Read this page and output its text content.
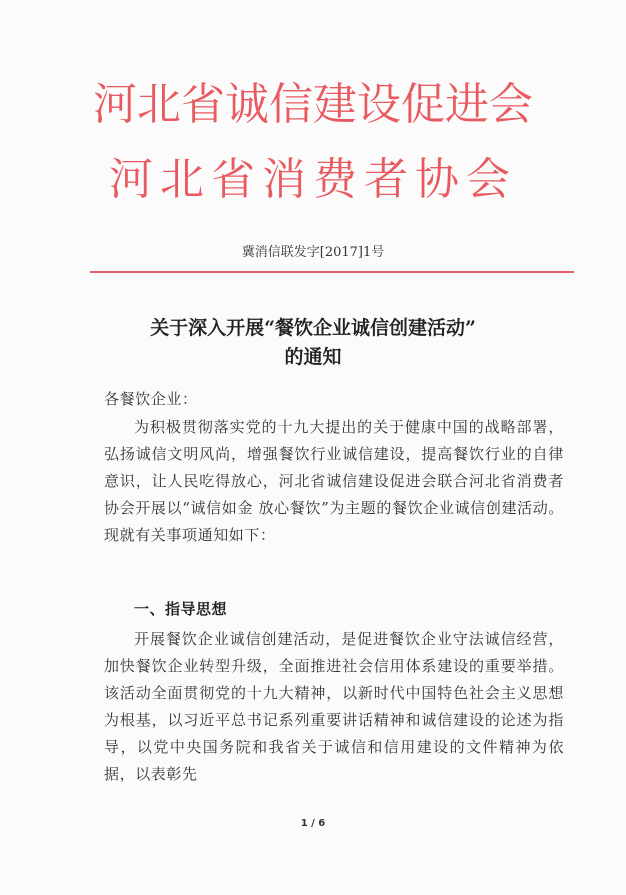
河北省诚信建设促进会
河北省消费者协会
冀消信联发字[2017]1号
关于深入开展“餐饮企业诚信创建活动”
的通知
各餐饮企业：
为积极贯彻落实党的十九大提出的关于健康中国的战略部署，弘扬诚信文明风尚，增强餐饮行业诚信建设，提高餐饮行业的自律意识，让人民吃得放心，河北省诚信建设促进会联合河北省消费者协会开展以“诚信如金 放心餐饮”为主题的餐饮企业诚信创建活动。现就有关事项通知如下：
一、指导思想
开展餐饮企业诚信创建活动，是促进餐饮企业守法诚信经营，加快餐饮企业转型升级，全面推进社会信用体系建设的重要举措。该活动全面贯彻党的十九大精神，以新时代中国特色社会主义思想为根基，以习近平总书记系列重要讲话精神和诚信建设的论述为指导，以党中央国务院和我省关于诚信和信用建设的文件精神为依据，以表彰先
1 / 6
